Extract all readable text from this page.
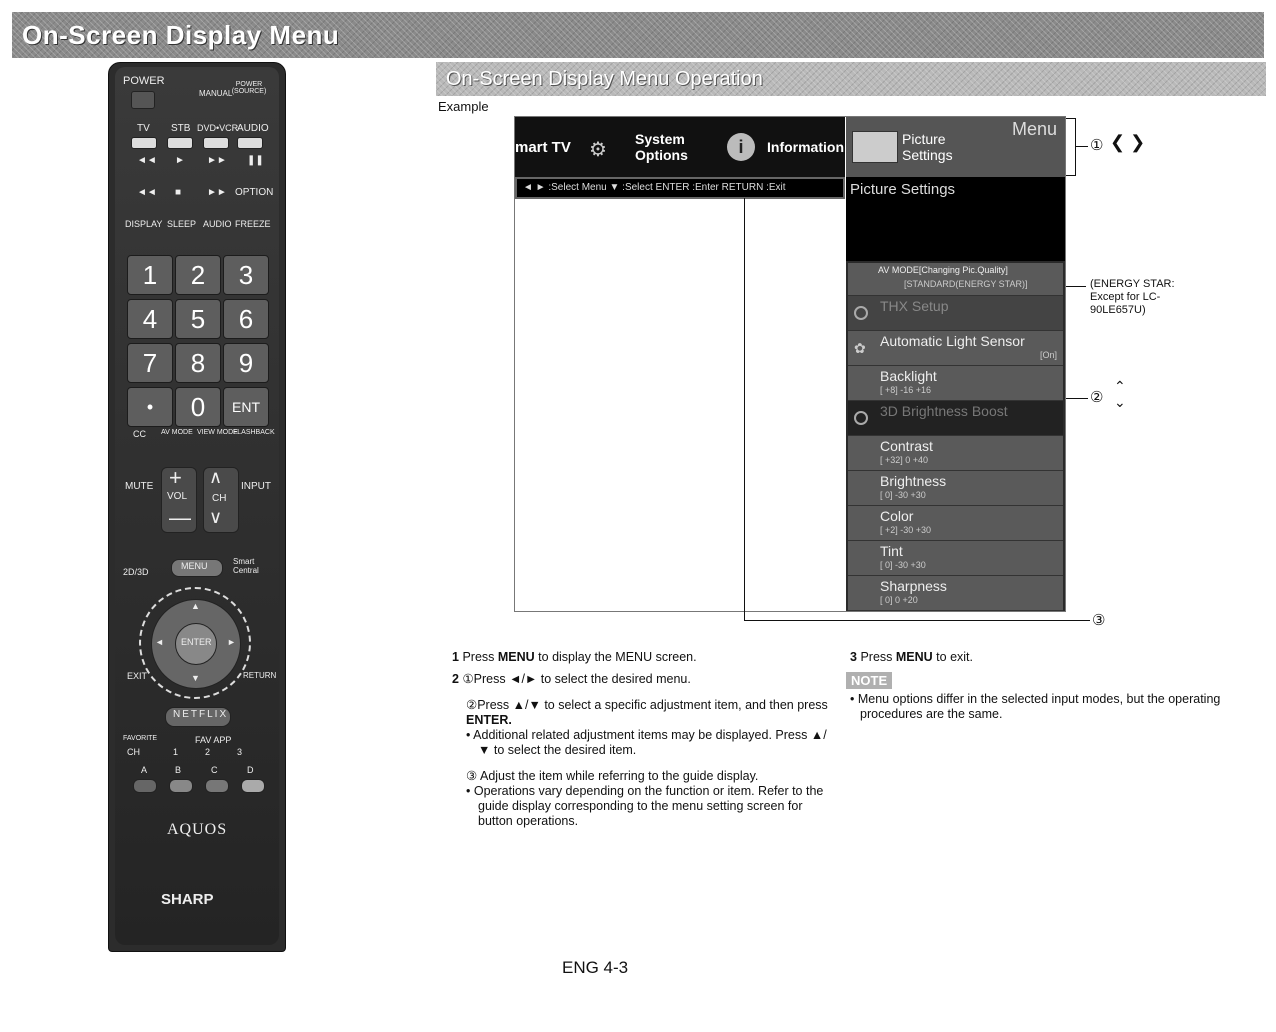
On-Screen Display Menu
On-Screen Display Menu Operation
Example
POWER
MANUAL
POWER (SOURCE)
TV STB DVD•VCR
AUDIO
◄◄ ► ►► ❚❚
◄◄ ■	►► OPTION
DISPLAY SLEEP AUDIO FREEZE
1	2	3
4	5	6
7	8	9
•	0	ENT
CC AV MODE VIEW MODE
FLASHBACK
MUTE +
VOL
—
∧
CH
∨
INPUT
2D/3D
MENU	Smart Central
▲
▼
◄	►
ENTER
EXIT	RETURN
NETFLIX
FAVORITE
CH
FAV APP
1	2	3
A	B	C	D
AQUOS
SHARP
mart TV ⚙ System Options	i	Information
◄ ► :Select Menu ▼ :Select ENTER :Enter RETURN :Exit
Menu
Picture Settings
Picture Settings
AV MODE[Changing Pic.Quality]
[STANDARD(ENERGY STAR)]
THX Setup
✿ Automatic Light Sensor
[On]
Backlight
[ +8] -16 +16
3D Brightness Boost
Contrast
[ +32] 0 +40
Brightness
[ 0] -30 +30
Color
[ +2] -30 +30
Tint
[ 0] -30 +30
Sharpness
[ 0] 0 +20
① ❮ ❯
(ENERGY STAR: Except for LC-90LE657U)
②
⌃
⌄
③
1 Press MENU to display the MENU screen.
2 ①Press ◄/► to select the desired menu.
②Press ▲/▼ to select a specific adjustment item, and then press ENTER.
• Additional related adjustment items may be displayed. Press ▲/▼ to select the desired item.
③ Adjust the item while referring to the guide display.
• Operations vary depending on the function or item. Refer to the guide display corresponding to the menu setting screen for button operations.
3 Press MENU to exit.
NOTE
• Menu options differ in the selected input modes, but the operating procedures are the same.
ENG 4-3
